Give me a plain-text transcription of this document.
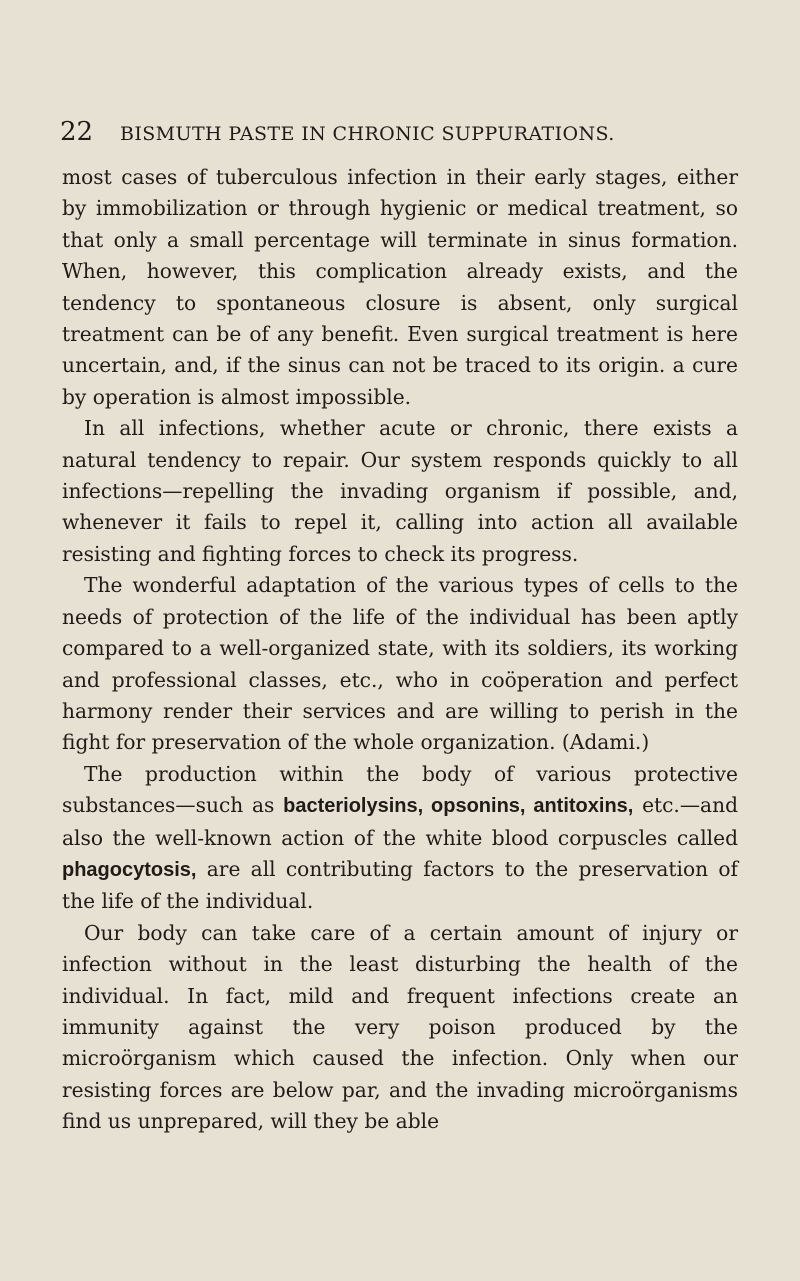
22	BISMUTH PASTE IN CHRONIC SUPPURATIONS.

most cases of tuberculous infection in their early stages, either by immobilization or through hygienic or medical treatment, so that only a small percentage will terminate in sinus formation. When, however, this complication already exists, and the tendency to spontaneous closure is absent, only surgical treatment can be of any benefit. Even surgical treatment is here uncertain, and, if the sinus can not be traced to its origin. a cure by operation is almost impossible.

In all infections, whether acute or chronic, there exists a natural tendency to repair. Our system responds quickly to all infections—repelling the invading organism if possible, and, whenever it fails to repel it, calling into action all available resisting and fighting forces to check its progress.

The wonderful adaptation of the various types of cells to the needs of protection of the life of the individual has been aptly compared to a well-organized state, with its soldiers, its working and professional classes, etc., who in coöperation and perfect harmony render their services and are willing to perish in the fight for preservation of the whole organization. (Adami.)

The production within the body of various protective substances—such as bacteriolysins, opsonins, antitoxins, etc.—and also the well-known action of the white blood corpuscles called phagocytosis, are all contributing factors to the preservation of the life of the individual.

Our body can take care of a certain amount of injury or infection without in the least disturbing the health of the individual. In fact, mild and frequent infections create an immunity against the very poison produced by the microörganism which caused the infection. Only when our resisting forces are below par, and the invading microörganisms find us unprepared, will they be able
